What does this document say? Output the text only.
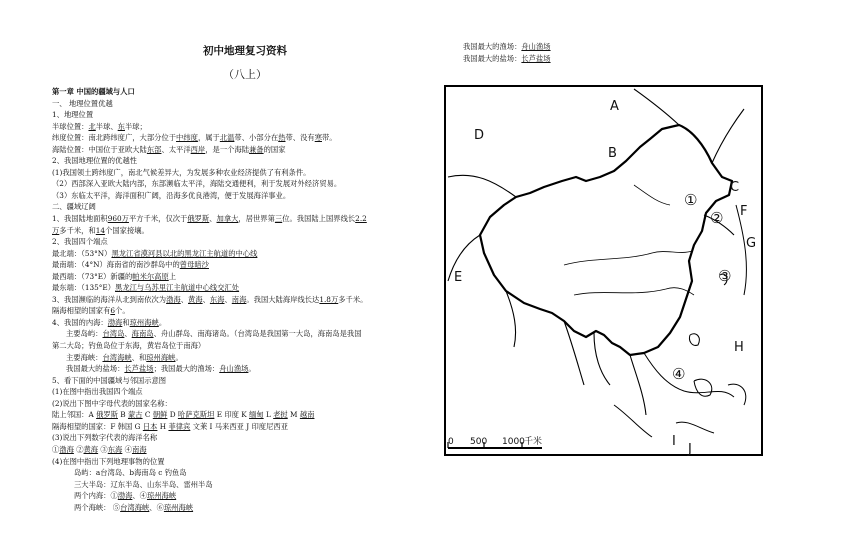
初中地理复习资料
（八上）
我国最大的渔场：舟山渔场
我国最大的盐场：长芦盐场
第一章 中国的疆域与人口
一、 地理位置优越
1、地理位置
半球位置：北半球、东半球；
纬度位置：南北跨纬度广，大部分位于中纬度，属于北温带、小部分在热带、没有寒带。
海陆位置：中国位于亚欧大陆东部、太平洋西岸，是一个海陆兼备的国家
2、我国地理位置的优越性
(1)我国领土跨纬度广，南北气候差异大，为发展多种农业经济提供了有利条件。
（2）西部深入亚欧大陆内部，东部濒临太平洋，海陆交通便利，利于发展对外经济贸易。
（3）东临太平洋，海洋面积广阔，沿海多优良港湾，便于发展海洋事业。
二、疆域辽阔
1、我国陆地面积960万平方千米，仅次于俄罗斯、加拿大，居世界第三位。我国陆上国界线长2.2
万多千米，和14个国家接壤。
2、我国四个端点
最北端：（53°N）黑龙江省漠河县以北的黑龙江主航道的中心线
最南端：（4°N）海南省的南沙群岛中的曾母暗沙
最西端：（73°E）新疆的帕米尔高原上
最东端：（135°E）黑龙江与乌苏里江主航道中心线交汇处
3、我国濒临的海洋从北到南依次为渤海、黄海、东海、南海。我国大陆海岸线长达1.8万多千米。
隔海相望的国家有6个。
4、我国的内海：渤海和琼州海峡。
主要岛屿：台湾岛、海南岛、舟山群岛、南海诸岛。（台湾岛是我国第一大岛，海南岛是我国
第二大岛；钓鱼岛位于东海，黄岩岛位于南海）
主要海峡：台湾海峡、和琼州海峡。
我国最大的盐场：长芦盐场；我国最大的渔场：舟山渔场。
5、看下面的中国疆域与邻国示意图
(1)在图中指出我国四个端点
(2)说出下图中字母代表的国家名称：
陆上邻国：A 俄罗斯 B 蒙古 C 朝鲜 D 哈萨克斯坦 E 印度 K 缅甸 L 老挝 M 越南
隔海相望的国家：F 韩国 G 日本 H 菲律宾 文莱 I 马来西亚 J 印度尼西亚
(3)说出下列数字代表的海洋名称
①渤海 ②黄海 ③东海 ④南海
(4)在图中指出下列地理事物的位置
岛屿：a台湾岛、b海南岛 c 钓鱼岛
三大半岛：辽东半岛、山东半岛、雷州半岛
两个内海：①渤海、④琼州海峡
两个海峡： ⑤台湾海峡、⑥琼州海峡
A
B
C
D
E
F
G
H
I
J
①
②
③
④
0 500 1000 千米
